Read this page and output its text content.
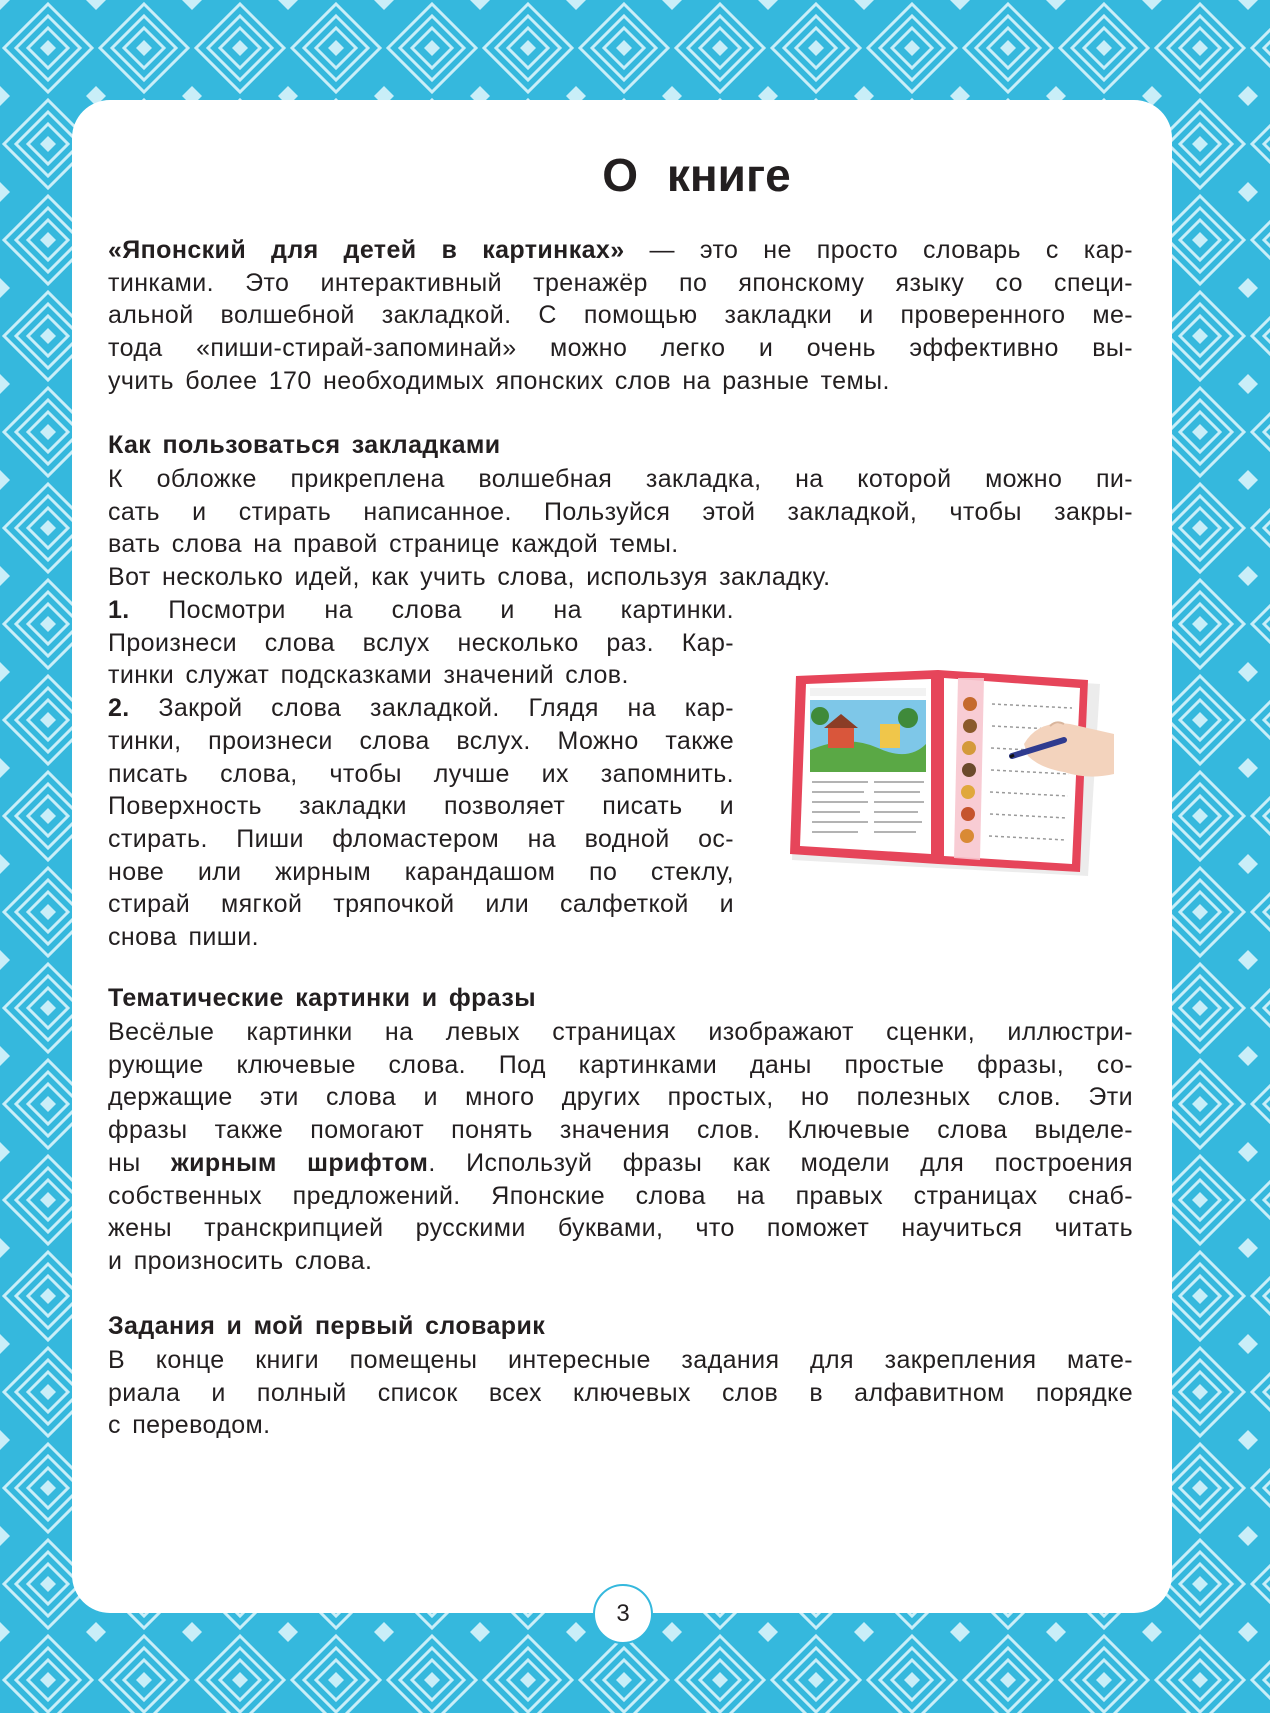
О книге

«Японский для детей в картинках» — это не просто словарь с кар-
тинками. Это интерактивный тренажёр по японскому языку со специ-
альной волшебной закладкой. С помощью закладки и проверенного ме-
тода «пиши-стирай-запоминай» можно легко и очень эффективно вы-
учить более 170 необходимых японских слов на разные темы.

Как пользоваться закладками

К обложке прикреплена волшебная закладка, на которой можно пи-
сать и стирать написанное. Пользуйся этой закладкой, чтобы закры-
вать слова на правой странице каждой темы.
Вот несколько идей, как учить слова, используя закладку.

1. Посмотри на слова и на картинки.
Произнеси слова вслух несколько раз. Кар-
тинки служат подсказками значений слов.
2. Закрой слова закладкой. Глядя на кар-
тинки, произнеси слова вслух. Можно также
писать слова, чтобы лучше их запомнить.
Поверхность закладки позволяет писать и
стирать. Пиши фломастером на водной ос-
нове или жирным карандашом по стеклу,
стирай мягкой тряпочкой или салфеткой и
снова пиши.

Тематические картинки и фразы

Весёлые картинки на левых страницах изображают сценки, иллюстри-
рующие ключевые слова. Под картинками даны простые фразы, со-
держащие эти слова и много других простых, но полезных слов. Эти
фразы также помогают понять значения слов. Ключевые слова выделе-
ны жирным шрифтом. Используй фразы как модели для построения
собственных предложений. Японские слова на правых страницах снаб-
жены транскрипцией русскими буквами, что поможет научиться читать
и произносить слова.

Задания и мой первый словарик

В конце книги помещены интересные задания для закрепления мате-
риала и полный список всех ключевых слов в алфавитном порядке
с переводом.

3
